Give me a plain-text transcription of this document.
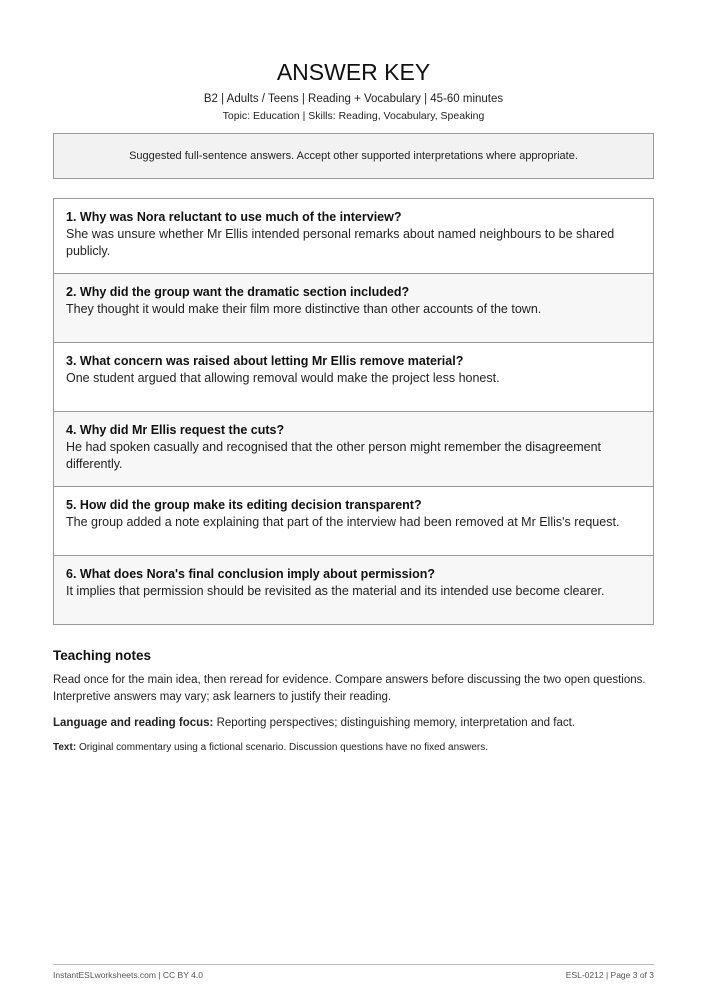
ANSWER KEY
B2 | Adults / Teens | Reading + Vocabulary | 45-60 minutes
Topic: Education | Skills: Reading, Vocabulary, Speaking
Suggested full-sentence answers. Accept other supported interpretations where appropriate.
1. Why was Nora reluctant to use much of the interview?
She was unsure whether Mr Ellis intended personal remarks about named neighbours to be shared publicly.
2. Why did the group want the dramatic section included?
They thought it would make their film more distinctive than other accounts of the town.
3. What concern was raised about letting Mr Ellis remove material?
One student argued that allowing removal would make the project less honest.
4. Why did Mr Ellis request the cuts?
He had spoken casually and recognised that the other person might remember the disagreement differently.
5. How did the group make its editing decision transparent?
The group added a note explaining that part of the interview had been removed at Mr Ellis's request.
6. What does Nora's final conclusion imply about permission?
It implies that permission should be revisited as the material and its intended use become clearer.
Teaching notes

Read once for the main idea, then reread for evidence. Compare answers before discussing the two open questions. Interpretive answers may vary; ask learners to justify their reading.

Language and reading focus: Reporting perspectives; distinguishing memory, interpretation and fact.

Text: Original commentary using a fictional scenario. Discussion questions have no fixed answers.

InstantESLworksheets.com | CC BY 4.0	ESL-0212 | Page 3 of 3
